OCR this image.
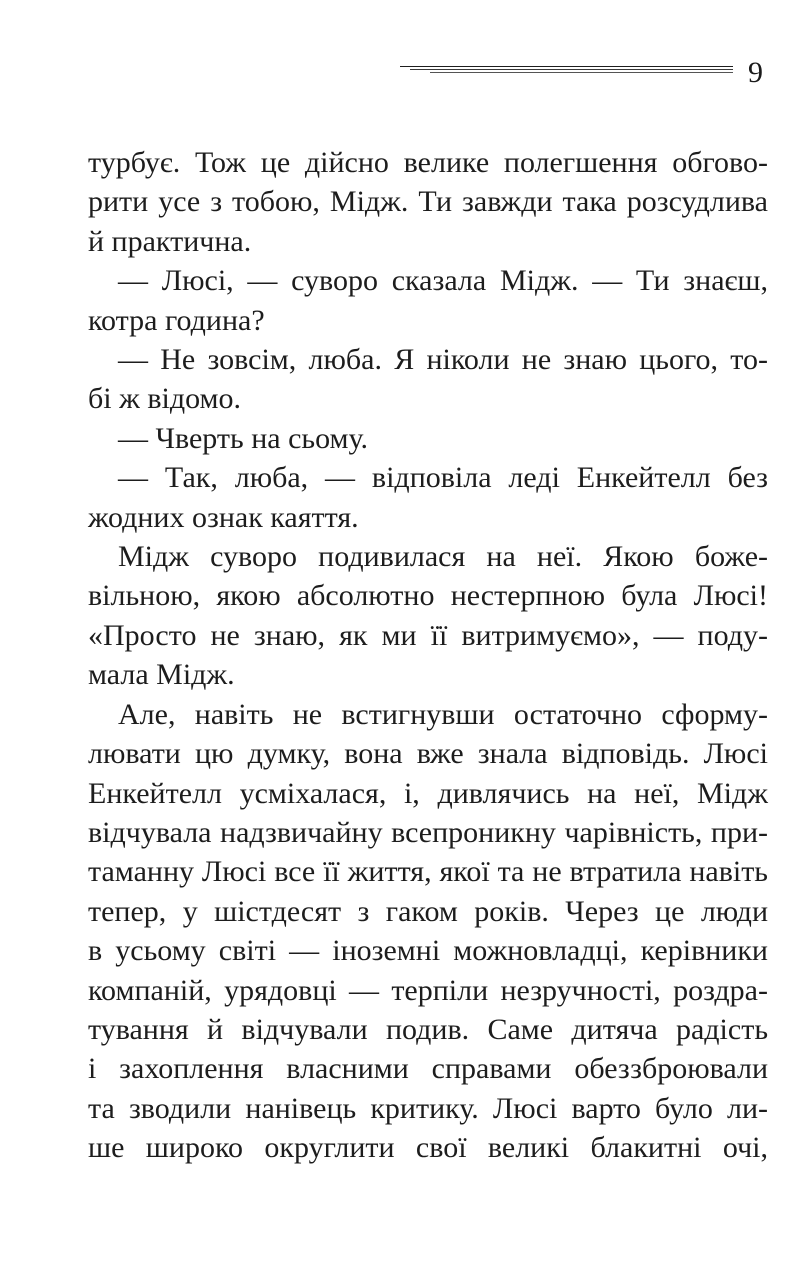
9
турбує. Тож це дійсно велике полегшення обгово-
рити усе з тобою, Мідж. Ти завжди така розсудлива
й практична.
— Люсі, — суворо сказала Мідж. — Ти знаєш,
котра година?
— Не зовсім, люба. Я ніколи не знаю цього, то-
бі ж відомо.
— Чверть на сьому.
— Так, люба, — відповіла леді Енкейтелл без
жодних ознак каяття.
Мідж суворо подивилася на неї. Якою боже-
вільною, якою абсолютно нестерпною була Люсі!
«Просто не знаю, як ми її витримуємо», — поду-
мала Мідж.
Але, навіть не встигнувши остаточно сформу-
лювати цю думку, вона вже знала відповідь. Люсі
Енкейтелл усміхалася, і, дивлячись на неї, Мідж
відчувала надзвичайну всепроникну чарівність, при-
таманну Люсі все її життя, якої та не втратила навіть
тепер, у шістдесят з гаком років. Через це люди
в усьому світі — іноземні можновладці, керівники
компаній, урядовці — терпіли незручності, роздра-
тування й відчували подив. Саме дитяча радість
і захоплення власними справами обеззброювали
та зводили нанівець критику. Люсі варто було ли-
ше широко округлити свої великі блакитні очі,
